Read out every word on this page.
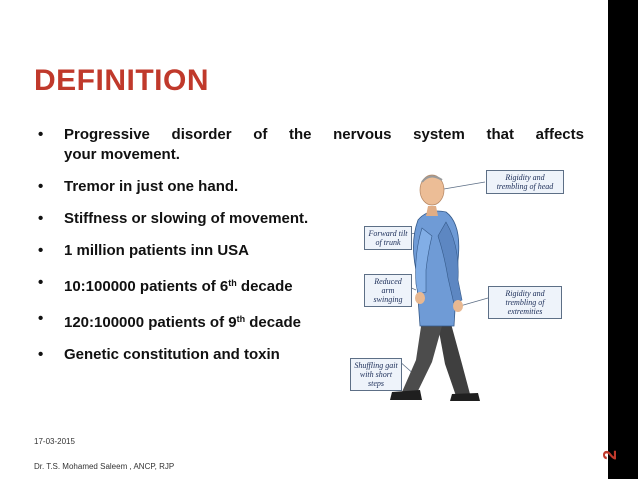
2
DEFINITION
• Progressive disorder of the nervous system that affects
your movement.
• Tremor in just one hand.
• Stiffness or slowing of movement.
• 1 million patients inn USA
• 10:100000 patients of 6th decade
• 120:100000 patients of 9th decade
• Genetic constitution and toxin
Rigidity and trembling of head
Forward tilt of trunk
Reduced arm swinging
Rigidity and trembling of extremities
Shuffling gait with short steps
17-03-2015
Dr. T.S. Mohamed Saleem , ANCP, RJP
